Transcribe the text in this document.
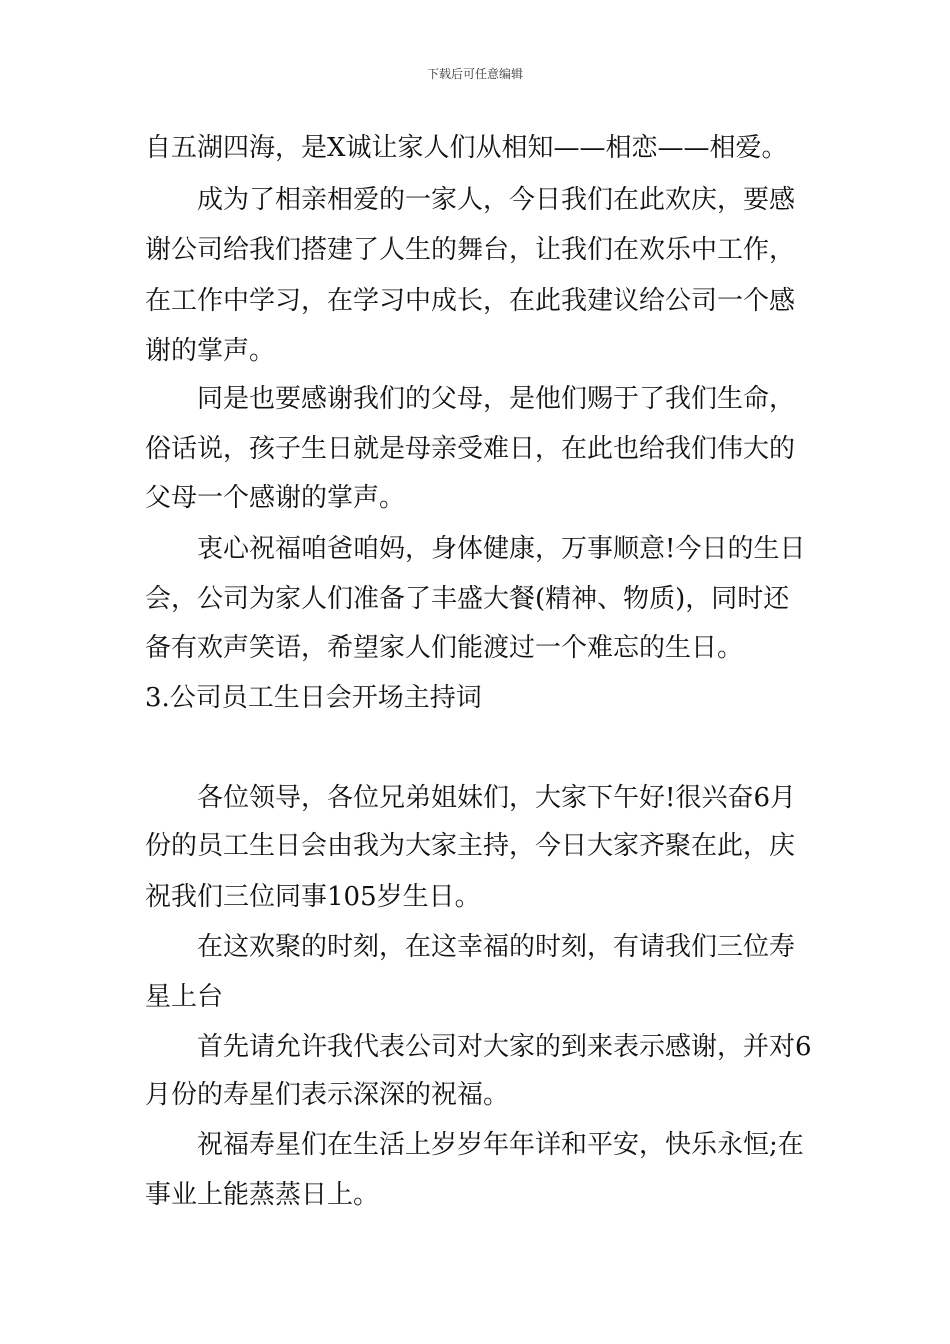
下载后可任意编辑
自五湖四海，是X诚让家人们从相知——相恋——相爱。
成为了相亲相爱的一家人，今日我们在此欢庆，要感
谢公司给我们搭建了人生的舞台，让我们在欢乐中工作，
在工作中学习，在学习中成长，在此我建议给公司一个感
谢的掌声。
同是也要感谢我们的父母，是他们赐于了我们生命，
俗话说，孩子生日就是母亲受难日，在此也给我们伟大的
父母一个感谢的掌声。
衷心祝福咱爸咱妈，身体健康，万事顺意!今日的生日
会，公司为家人们准备了丰盛大餐(精神、物质)，同时还
备有欢声笑语，希望家人们能渡过一个难忘的生日。
3.公司员工生日会开场主持词
各位领导，各位兄弟姐妹们，大家下午好!很兴奋6月
份的员工生日会由我为大家主持，今日大家齐聚在此，庆
祝我们三位同事105岁生日。
在这欢聚的时刻，在这幸福的时刻，有请我们三位寿
星上台
首先请允许我代表公司对大家的到来表示感谢，并对6
月份的寿星们表示深深的祝福。
祝福寿星们在生活上岁岁年年详和平安，快乐永恒;在
事业上能蒸蒸日上。
